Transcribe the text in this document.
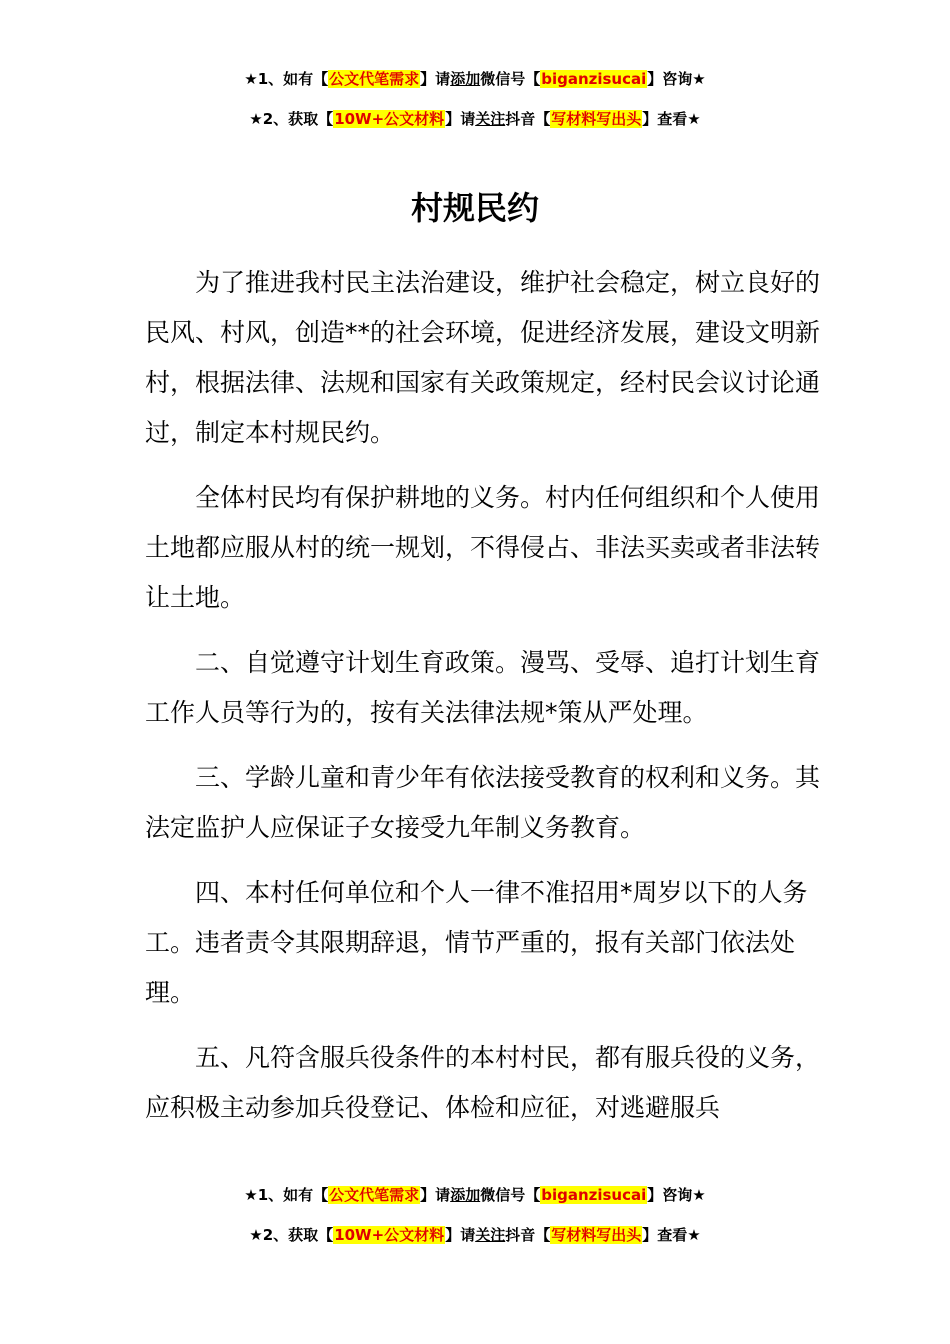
★1、如有【公文代笔需求】请添加微信号【biganzisucai】咨询★
★2、获取【10W+公文材料】请关注抖音【写材料写出头】查看★
村规民约

为了推进我村民主法治建设，维护社会稳定，树立良好的民风、村风，创造**的社会环境，促进经济发展，建设文明新村，根据法律、法规和国家有关政策规定，经村民会议讨论通过，制定本村规民约。

全体村民均有保护耕地的义务。村内任何组织和个人使用土地都应服从村的统一规划，不得侵占、非法买卖或者非法转让土地。

二、自觉遵守计划生育政策。漫骂、受辱、追打计划生育工作人员等行为的，按有关法律法规*策从严处理。

三、学龄儿童和青少年有依法接受教育的权利和义务。其法定监护人应保证子女接受九年制义务教育。

四、本村任何单位和个人一律不准招用*周岁以下的人务工。违者责令其限期辞退，情节严重的，报有关部门依法处理。

五、凡符含服兵役条件的本村村民，都有服兵役的义务，应积极主动参加兵役登记、体检和应征，对逃避服兵

★1、如有【公文代笔需求】请添加微信号【biganzisucai】咨询★
★2、获取【10W+公文材料】请关注抖音【写材料写出头】查看★
